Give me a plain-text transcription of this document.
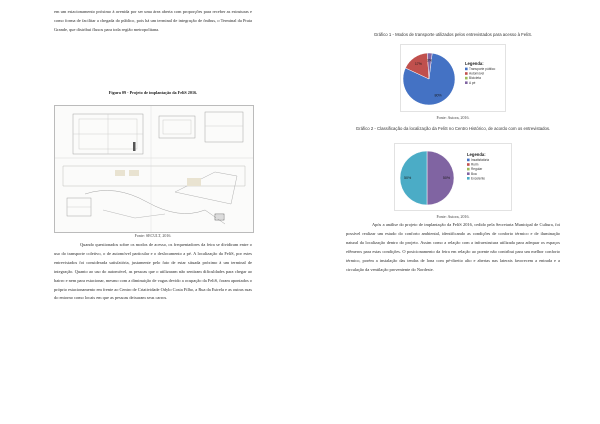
em um estacionamento próximo à avenida por ser uma área aberta com proporções para receber as estruturas e como forma de facilitar a chegada do público, pois há um terminal de integração de ônibus, o Terminal da Praia Grande, que distribui fluxos para toda região metropolitana.

Figura 09 - Projeto de implantação da FeliS 2016.
Fonte: SECULT, 2016.

Quando questionados sobre os modos de acesso, os frequentadores da feira se dividiram entre o uso do transporte coletivo, o de automóvel particular e o deslocamento a pé. A localização da FeliS, por estes entrevistados foi considerada satisfatória, justamente pelo fato de estar situada próximo à um terminal de integração. Quanto ao uso do automóvel, as pessoas que o utilizaram não sentiram dificuldades para chegar ao bairro e nem para estacionar, mesmo com a diminuição de vagas devido a ocupação da FeliS, foram apontados o próprio estacionamento em frente ao Centro de Criatividade Odylo Costa Filho, a Rua da Estrela e as outras ruas do entorno como locais em que as pessoas deixaram seus carros.

Gráfico 1 - Modos de transporte utilizados pelos entrevistados para acesso à FeliS.
80%
17%
3%
Legenda:
Transporte público
Automóvel
Bicicleta
A pé
Fonte: Autora, 2016.
Gráfico 2 - Classificação da localização da FeliS no Centro Histórico, de acordo com os entrevistados.
50%
50%
Legenda:
Insatisfatória
Ruim
Regular
Boa
Excelente
Fonte: Autora, 2016.

Após a análise do projeto de implantação da FeliS 2016, cedido pela Secretaria Municipal de Cultura, foi possível realizar um estudo do conforto ambiental, identificando as condições de conforto térmico e de iluminação natural da localização dentro do projeto. Assim como a relação com a infraestrutura utilizada para adequar os espaços efêmeros para estas condições. O posicionamento da feira em relação ao poente não contribui para um melhor conforto térmico, porém a instalação das tendas de lona com pé-direito alto e abertas nas laterais favorecem a entrada e a circulação da ventilação proveniente do Nordeste.
